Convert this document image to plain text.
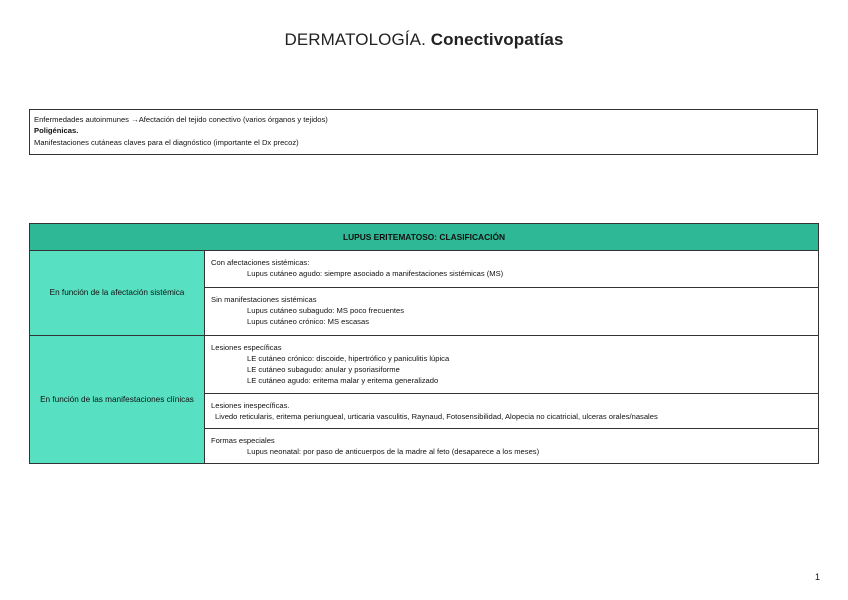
DERMATOLOGÍA. Conectivopatías
Enfermedades autoinmunes →Afectación del tejido conectivo (varios órganos y tejidos)
Poligénicas.
Manifestaciones cutáneas claves para el diagnóstico (importante el Dx precoz)
LUPUS ERITEMATOSO: CLASIFICACIÓN	
En función de la afectación sistémica	Con afectaciones sistémicas:
Lupus cutáneo agudo: siempre asociado a manifestaciones sistémicas (MS)

	Sin manifestaciones sistémicas
Lupus cutáneo subagudo: MS poco frecuentes
Lupus cutáneo crónico: MS escasas

En función de las manifestaciones clínicas	Lesiones específicas
LE cutáneo crónico: discoide, hipertrófico y paniculitis lúpica
LE cutáneo subagudo: anular y psoriasiforme
LE cutáneo agudo: eritema malar y eritema generalizado

	Lesiones inespecíficas.
Livedo reticularis, eritema periungueal, urticaria vasculitis, Raynaud, Fotosensibilidad, Alopecia no cicatricial, ulceras orales/nasales

	Formas especiales
Lupus neonatal: por paso de anticuerpos de la madre al feto (desaparece a los meses)
1
